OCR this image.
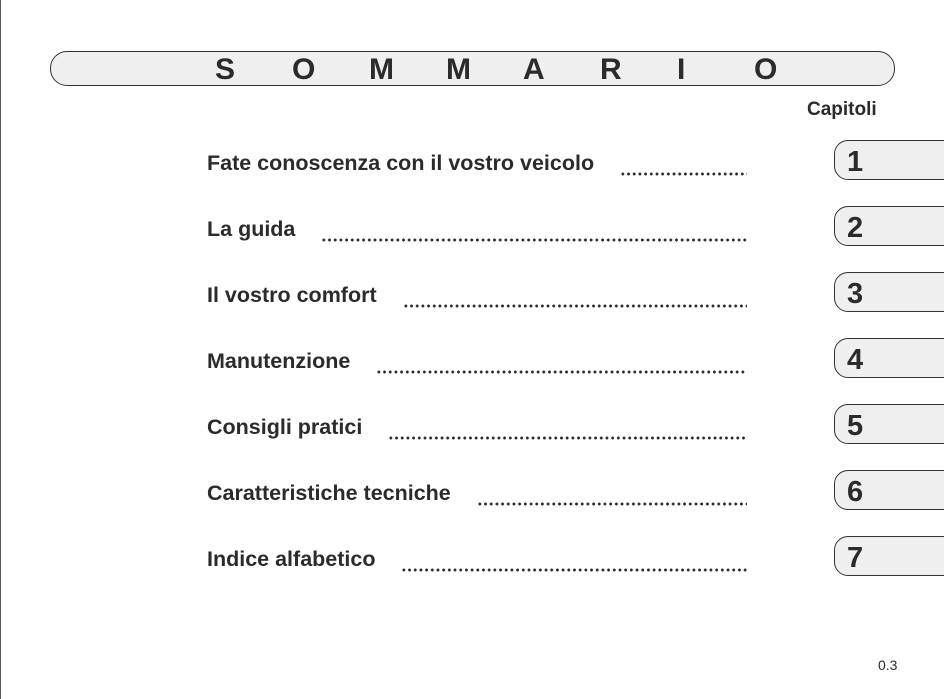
S	O	M	M	A	R	I	O
Capitoli
Fate conoscenza con il vostro veicolo	1
La guida	2
Il vostro comfort	3
Manutenzione	4
Consigli pratici	5
Caratteristiche tecniche	6
Indice alfabetico	7
0.3
